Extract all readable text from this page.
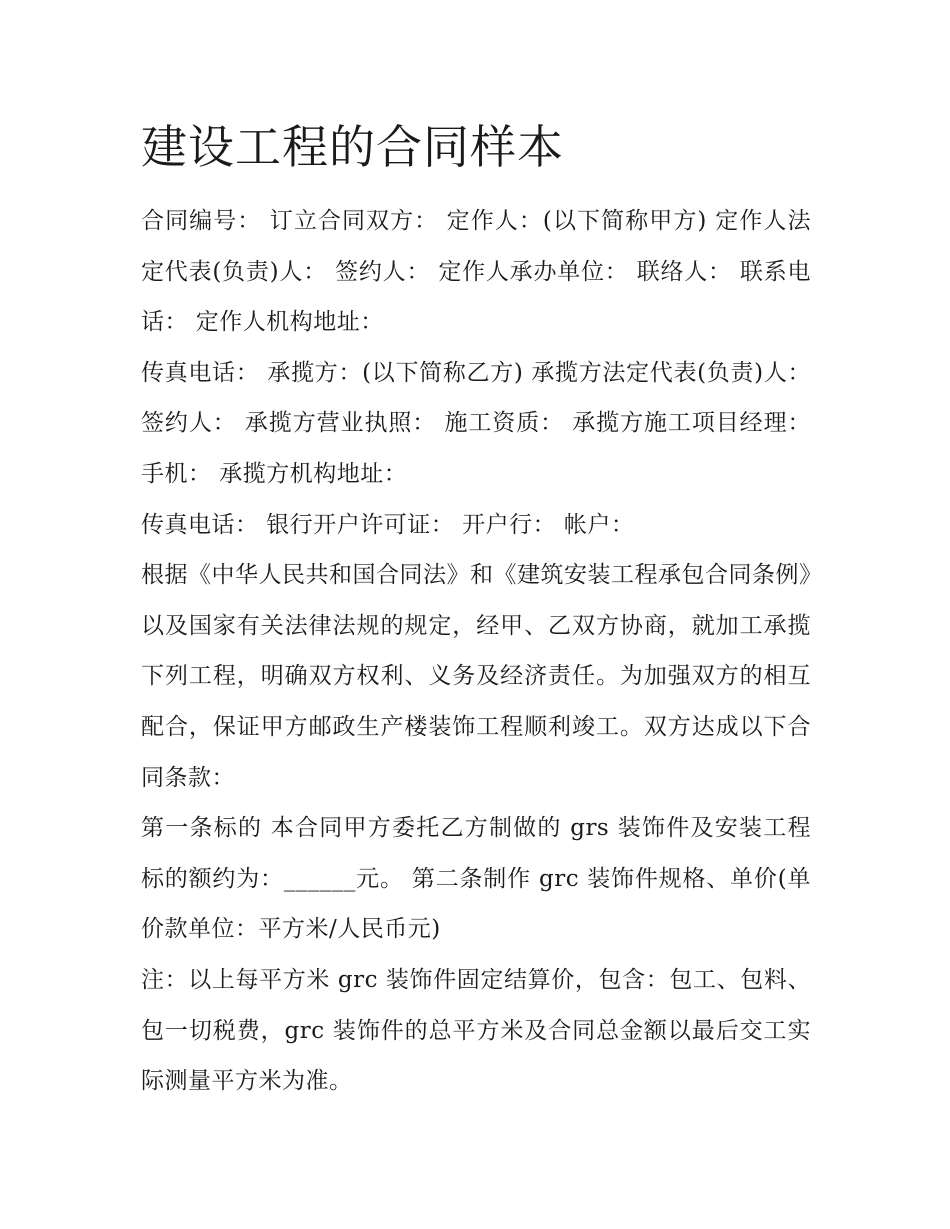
建设工程的合同样本

合同编号： 订立合同双方： 定作人：(以下简称甲方) 定作人法定代表(负责)人： 签约人： 定作人承办单位： 联络人： 联系电话： 定作人机构地址：

传真电话： 承揽方：(以下简称乙方) 承揽方法定代表(负责)人： 签约人： 承揽方营业执照： 施工资质： 承揽方施工项目经理： 手机： 承揽方机构地址：

传真电话： 银行开户许可证： 开户行： 帐户：

根据《中华人民共和国合同法》和《建筑安装工程承包合同条例》以及国家有关法律法规的规定，经甲、乙双方协商，就加工承揽下列工程，明确双方权利、义务及经济责任。为加强双方的相互配合，保证甲方邮政生产楼装饰工程顺利竣工。双方达成以下合同条款：

第一条标的 本合同甲方委托乙方制做的 grs 装饰件及安装工程标的额约为：______元。 第二条制作 grc 装饰件规格、单价(单价款单位：平方米/人民币元)

注：以上每平方米 grc 装饰件固定结算价，包含：包工、包料、包一切税费，grc 装饰件的总平方米及合同总金额以最后交工实际测量平方米为准。
